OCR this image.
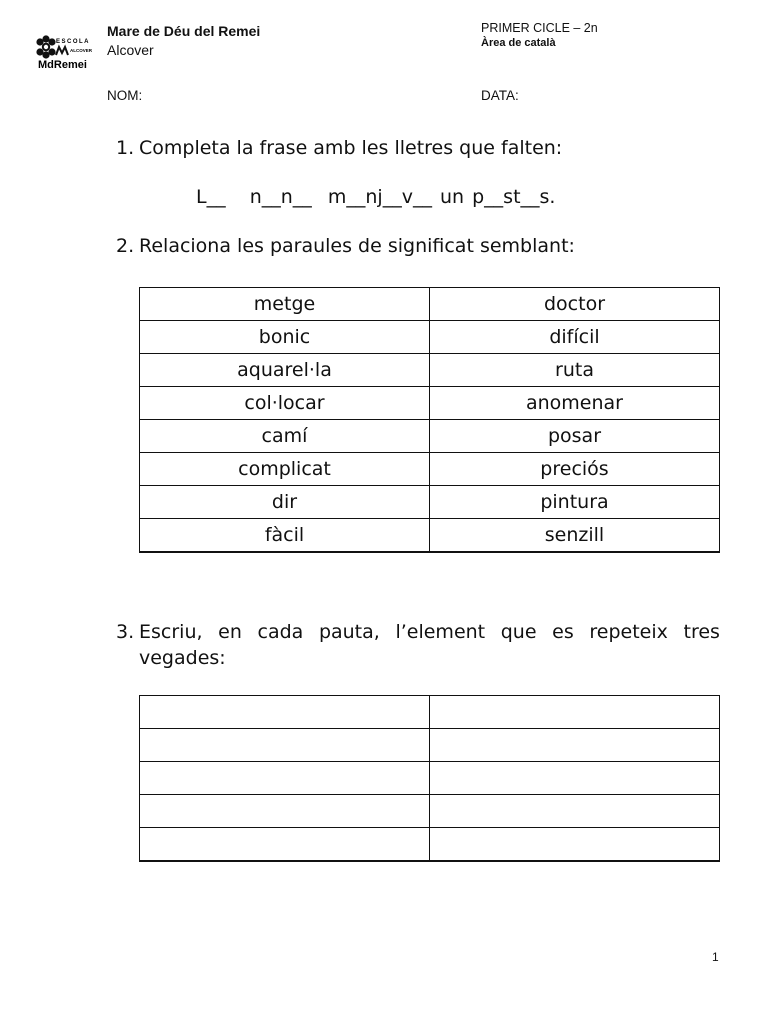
ESCOLA
ALCOVER
MdRemei
Mare de Déu del Remei
Alcover
PRIMER CICLE – 2n
Àrea de català
NOM:	DATA:
1. Completa la frase amb les lletres que falten:
L__   n__n__  m__nj__v__ un p__st__s.
2. Relaciona les paraules de significat semblant:
metge	doctor
bonic	difícil
aquarel·la	ruta
col·locar	anomenar
camí	posar
complicat	preciós
dir	pintura
fàcil	senzill
3. Escriu, en cada pauta, l’element que es repeteix tres
vegades:

1
